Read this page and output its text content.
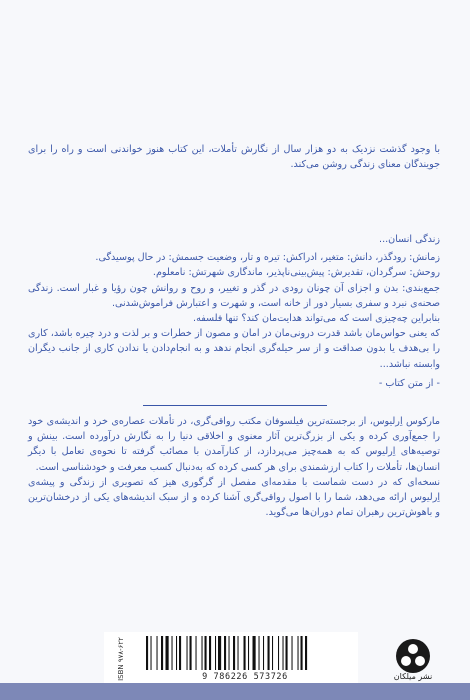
با وجود گذشت نزدیک به دو هزار سال از نگارش تأملات، این کتاب هنوز خواندنی است و راه را برای جویندگان معنای زندگی روشن می‌کند.

زندگی انسان...

زمانش: رودگذر، دانش: متغیر، ادراکش: تیره و تار، وضعیت جسمش: در حال پوسیدگی.

روحش: سرگردان، تقدیرش: پیش‌بینی‌ناپذیر، ماندگاری شهرتش: نامعلوم.

جمع‌بندی: بدن و اجزای آن چونان رودی در گذر و تغییر، و روح و روانش چون رؤیا و غبار است. زندگی صحنه‌ی نبرد و سفری بسیار دور از خانه است، و شهرت و اعتبارش فراموش‌شدنی.

بنابراین چه‌چیزی است که می‌تواند هدایت‌مان کند؟ تنها فلسفه.

که یعنی حواس‌مان باشد قدرت درونی‌مان در امان و مصون از خطرات و بر لذت و درد چیره باشد، کاری را بی‌هدف یا بدون صداقت و از سر حیله‌گری انجام ندهد و به انجام‌دادن یا ندادن کاری از جانب دیگران وابسته نباشد...

- از متن کتاب -

مارکوس اِرلیوس، از برجسته‌ترین فیلسوفان مکتب رواقی‌گری، در تأملات عصاره‌ی خرد و اندیشه‌ی خود را جمع‌آوری کرده و یکی از بزرگ‌ترین آثار معنوی و اخلاقی دنیا را به نگارش درآورده است. بینش و توصیه‌های اِرلیوس که به همه‌چیز می‌پردازد، از کنارآمدن با مصائب گرفته تا نحوه‌ی تعامل با دیگر انسان‌ها، تأملات را کتاب ارزشمندی برای هر کسی کرده که به‌دنبال کسب معرفت و خودشناسی است.

نسخه‌ای که در دست شماست با مقدمه‌ای مفصل از گرگوری هیز که تصویری از زندگی و پیشه‌ی اِرلیوس ارائه می‌دهد، شما را با اصول رواقی‌گری آشنا کرده و از سبک اندیشه‌های یکی از درخشان‌ترین و باهوش‌ترین رهبران تمام دوران‌ها می‌گوید.

ISBN ۹۷۸-۶۲۲	9 786226 573726	نشر میلکان
